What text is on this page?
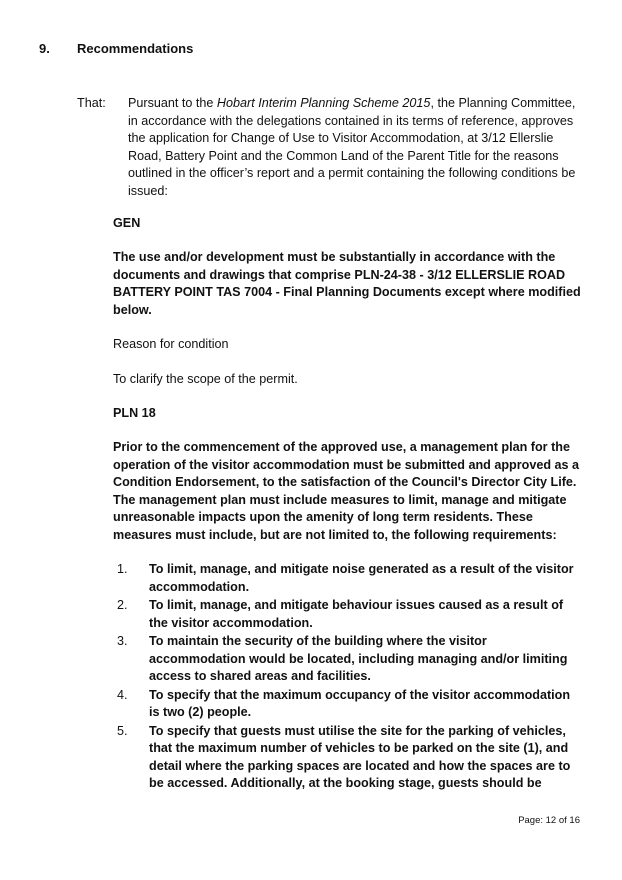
9. Recommendations
That: Pursuant to the Hobart Interim Planning Scheme 2015, the Planning Committee, in accordance with the delegations contained in its terms of reference, approves the application for Change of Use to Visitor Accommodation, at 3/12 Ellerslie Road, Battery Point and the Common Land of the Parent Title for the reasons outlined in the officer’s report and a permit containing the following conditions be issued:

GEN

The use and/or development must be substantially in accordance with the documents and drawings that comprise PLN-24-38 - 3/12 ELLERSLIE ROAD BATTERY POINT TAS 7004 - Final Planning Documents except where modified below.

Reason for condition
To clarify the scope of the permit.
PLN 18

Prior to the commencement of the approved use, a management plan for the operation of the visitor accommodation must be submitted and approved as a Condition Endorsement, to the satisfaction of the Council's Director City Life. The management plan must include measures to limit, manage and mitigate unreasonable impacts upon the amenity of long term residents. These measures must include, but are not limited to, the following requirements:

1. To limit, manage, and mitigate noise generated as a result of the visitor accommodation.
2. To limit, manage, and mitigate behaviour issues caused as a result of the visitor accommodation.
3. To maintain the security of the building where the visitor accommodation would be located, including managing and/or limiting access to shared areas and facilities.
4. To specify that the maximum occupancy of the visitor accommodation is two (2) people.
5. To specify that guests must utilise the site for the parking of vehicles, that the maximum number of vehicles to be parked on the site (1), and detail where the parking spaces are located and how the spaces are to be accessed. Additionally, at the booking stage, guests should be
Page: 12 of 16
